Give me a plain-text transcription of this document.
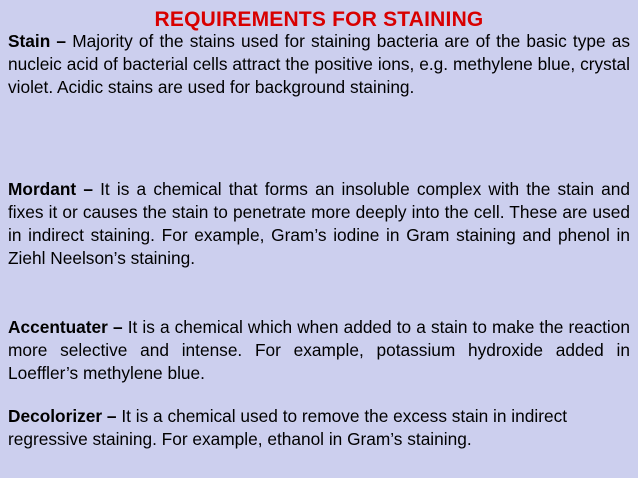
REQUIREMENTS FOR STAINING

Stain – Majority of the stains used for staining bacteria are of the basic type as nucleic acid of bacterial cells attract the positive ions, e.g. methylene blue, crystal violet. Acidic stains are used for background staining.

Mordant – It is a chemical that forms an insoluble complex with the stain and fixes it or causes the stain to penetrate more deeply into the cell. These are used in indirect staining. For example, Gram’s iodine in Gram staining and phenol in Ziehl Neelson’s staining.

Accentuater – It is a chemical which when added to a stain to make the reaction more selective and intense. For example, potassium hydroxide added in Loeffler’s methylene blue.

Decolorizer – It is a chemical used to remove the excess stain in indirect regressive staining. For example, ethanol in Gram’s staining.
